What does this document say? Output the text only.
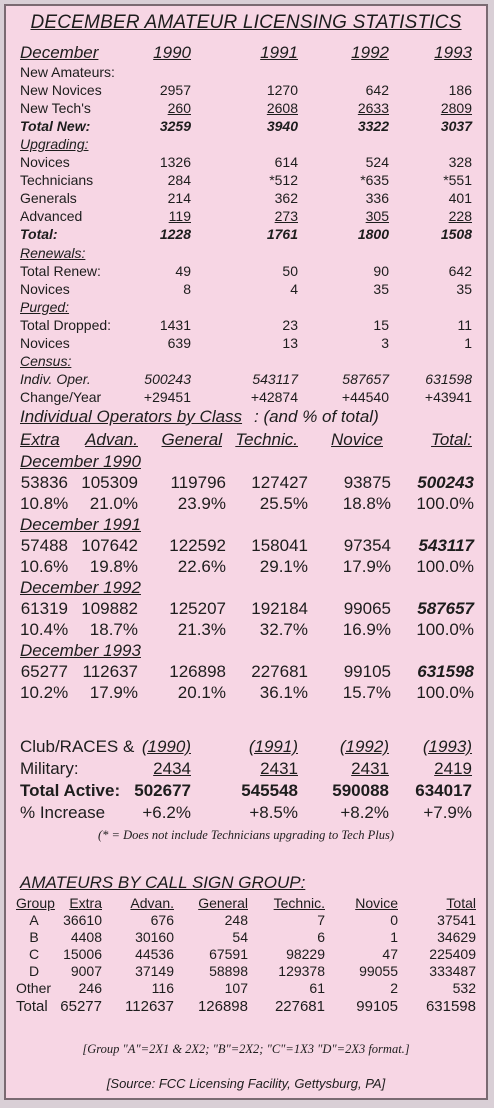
DECEMBER AMATEUR LICENSING STATISTICS
December	1990	1991	1992	1993
New Amateurs:
New Novices	2957	1270	642	186
New Tech's	260	2608	2633	2809
Total New:	3259	3940	3322	3037
Upgrading:
Novices	1326	614	524	328
Technicians	284	*512	*635	*551
Generals	214	362	336	401
Advanced	119	273	305	228
Total:	1228	1761	1800	1508
Renewals:
Total Renew:	49	50	90	642
Novices	8	4	35	35
Purged:
Total Dropped:	1431	23	15	11
Novices	639	13	3	1
Census:
Indiv. Oper.	500243	543117	587657	631598
Change/Year	+29451	+42874	+44540	+43941
Individual Operators by Class : (and % of total)
Extra	Advan.	General Technic.	Novice	Total:
December 1990
53836 105309	119796	127427	93875	500243
10.8%	21.0%	23.9%	25.5%	18.8%	100.0%
December 1991
57488 107642	122592	158041	97354	543117
10.6%	19.8%	22.6%	29.1%	17.9%	100.0%
December 1992
61319 109882	125207	192184	99065	587657
10.4%	18.7%	21.3%	32.7%	16.9%	100.0%
December 1993
65277 112637	126898	227681	99105	631598
10.2%	17.9%	20.1%	36.1%	15.7%	100.0%
Club/RACES & (1990)	(1991)	(1992)	(1993)
Military:	2434	2431	2431	2419
Total Active: 502677	545548	590088	634017
% Increase	+6.2%	+8.5%	+8.2%	+7.9%
(* = Does not include Technicians upgrading to Tech Plus)
AMATEURS BY CALL SIGN GROUP:
Group	Extra	Advan.	General	Technic.	Novice	Total
A	36610	676	248	7	0	37541
B	4408	30160	54	6	1	34629
C	15006	44536	67591	98229	47	225409
D	9007	37149	58898	129378	99055	333487
Other	246	116	107	61	2	532
Total 65277	112637	126898	227681	99105	631598
[Group "A"=2X1 & 2X2; "B"=2X2; "C"=1X3 "D"=2X3 format.]
[Source: FCC Licensing Facility, Gettysburg, PA]
